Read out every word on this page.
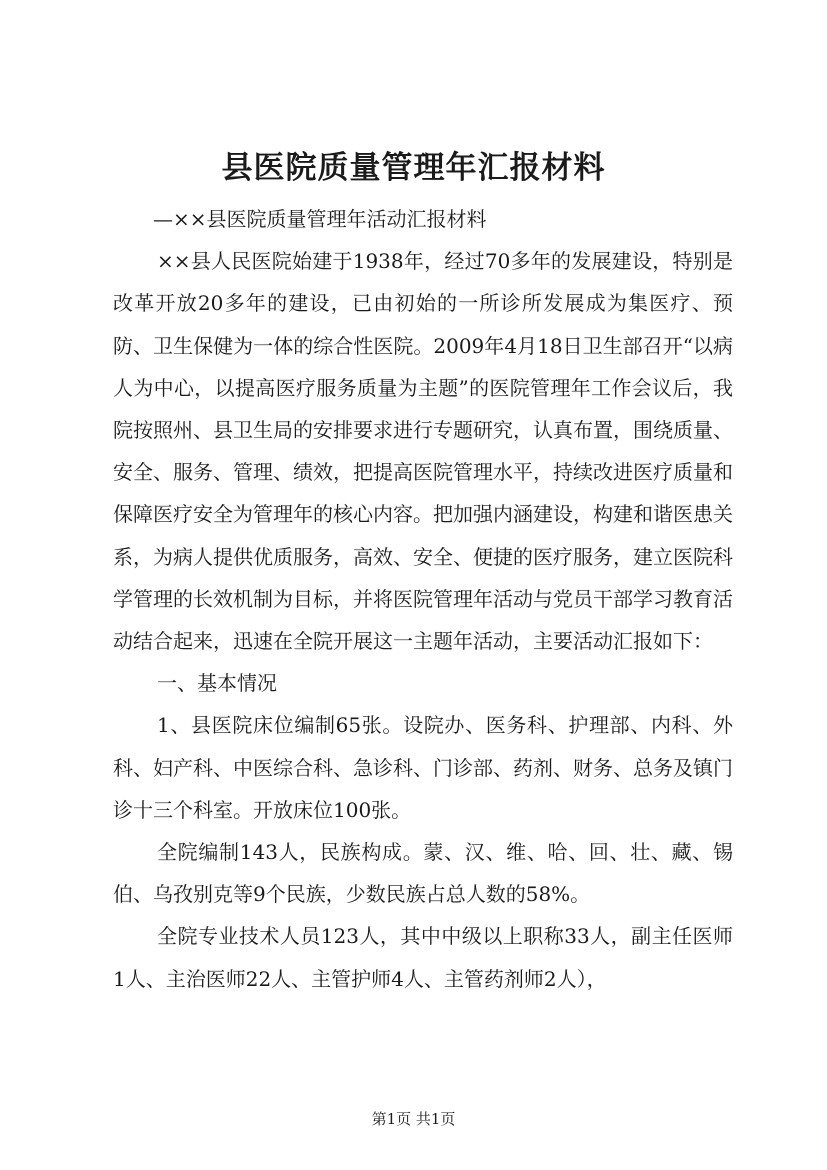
县医院质量管理年汇报材料

—××县医院质量管理年活动汇报材料

××县人民医院始建于1938年，经过70多年的发展建设，特别是改革开放20多年的建设，已由初始的一所诊所发展成为集医疗、预防、卫生保健为一体的综合性医院。2009年4月18日卫生部召开“以病人为中心，以提高医疗服务质量为主题”的医院管理年工作会议后，我院按照州、县卫生局的安排要求进行专题研究，认真布置，围绕质量、安全、服务、管理、绩效，把提高医院管理水平，持续改进医疗质量和保障医疗安全为管理年的核心内容。把加强内涵建设，构建和谐医患关系，为病人提供优质服务，高效、安全、便捷的医疗服务，建立医院科学管理的长效机制为目标，并将医院管理年活动与党员干部学习教育活动结合起来，迅速在全院开展这一主题年活动，主要活动汇报如下：

一、基本情况

1、县医院床位编制65张。设院办、医务科、护理部、内科、外科、妇产科、中医综合科、急诊科、门诊部、药剂、财务、总务及镇门诊十三个科室。开放床位100张。

全院编制143人，民族构成。蒙、汉、维、哈、回、壮、藏、锡伯、乌孜别克等9个民族，少数民族占总人数的58%。

全院专业技术人员123人，其中中级以上职称33人，副主任医师1人、主治医师22人、主管护师4人、主管药剂师2人），

第1页 共1页
